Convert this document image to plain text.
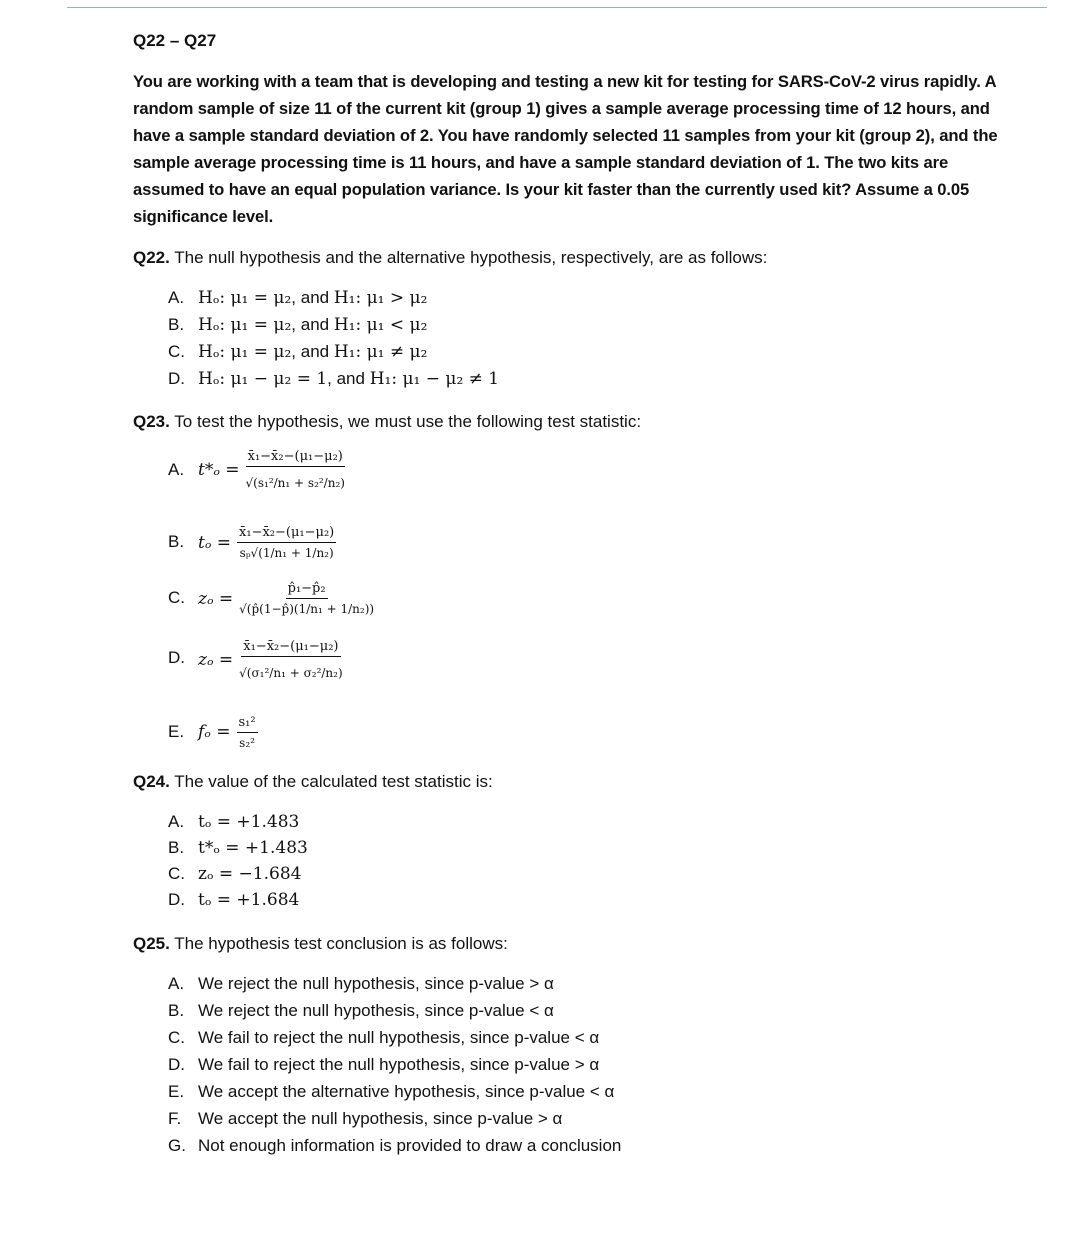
Q22 – Q27

You are working with a team that is developing and testing a new kit for testing for SARS-CoV-2 virus rapidly. A random sample of size 11 of the current kit (group 1) gives a sample average processing time of 12 hours, and have a sample standard deviation of 2. You have randomly selected 11 samples from your kit (group 2), and the sample average processing time is 11 hours, and have a sample standard deviation of 1. The two kits are assumed to have an equal population variance. Is your kit faster than the currently used kit? Assume a 0.05 significance level.

Q22. The null hypothesis and the alternative hypothesis, respectively, are as follows:

A. Hₒ: μ₁ = μ₂ , and
H₁: μ₁ > μ₂
B. Hₒ: μ₁ = μ₂ , and
H₁: μ₁ < μ₂
C. Hₒ: μ₁ = μ₂ , and
H₁: μ₁ ≠ μ₂
D. Hₒ: μ₁ − μ₂ = 1 , and
H₁: μ₁ − μ₂ ≠ 1

Q23. To test the hypothesis, we must use the following test statistic:

A. $t*_o = \frac{\text{x̄₁−x̄₂−(μ₁−μ₂)}}{\text{√(s₁²/n₁ + s₂²/n₂)}}$
B. $t_o = \frac{\text{x̄₁−x̄₂−(μ₁−μ₂)}}{\text{sₚ√(1/n₁ + 1/n₂)}}$
C. $z_o = \frac{\text{p̂₁−p̂₂}}{\text{√(p̂(1−p̂)(1/n₁ + 1/n₂))}}$
D. $z_o = \frac{\text{x̄₁−x̄₂−(μ₁−μ₂)}}{\text{√(σ₁²/n₁ + σ₂²/n₂)}}$
E. $f_o = \frac{\text{s₁²}}{\text{s₂²}}$

Q24. The value of the calculated test statistic is:

A. tₒ = +1.483
B. t*ₒ = +1.483
C. zₒ = −1.684
D. tₒ = +1.684

Q25. The hypothesis test conclusion is as follows:

A. We reject the null hypothesis, since p-value > α
B. We reject the null hypothesis, since p-value < α
C. We fail to reject the null hypothesis, since p-value < α
D. We fail to reject the null hypothesis, since p-value > α
E. We accept the alternative hypothesis, since p-value < α
F. We accept the null hypothesis, since p-value > α
G. Not enough information is provided to draw a conclusion
